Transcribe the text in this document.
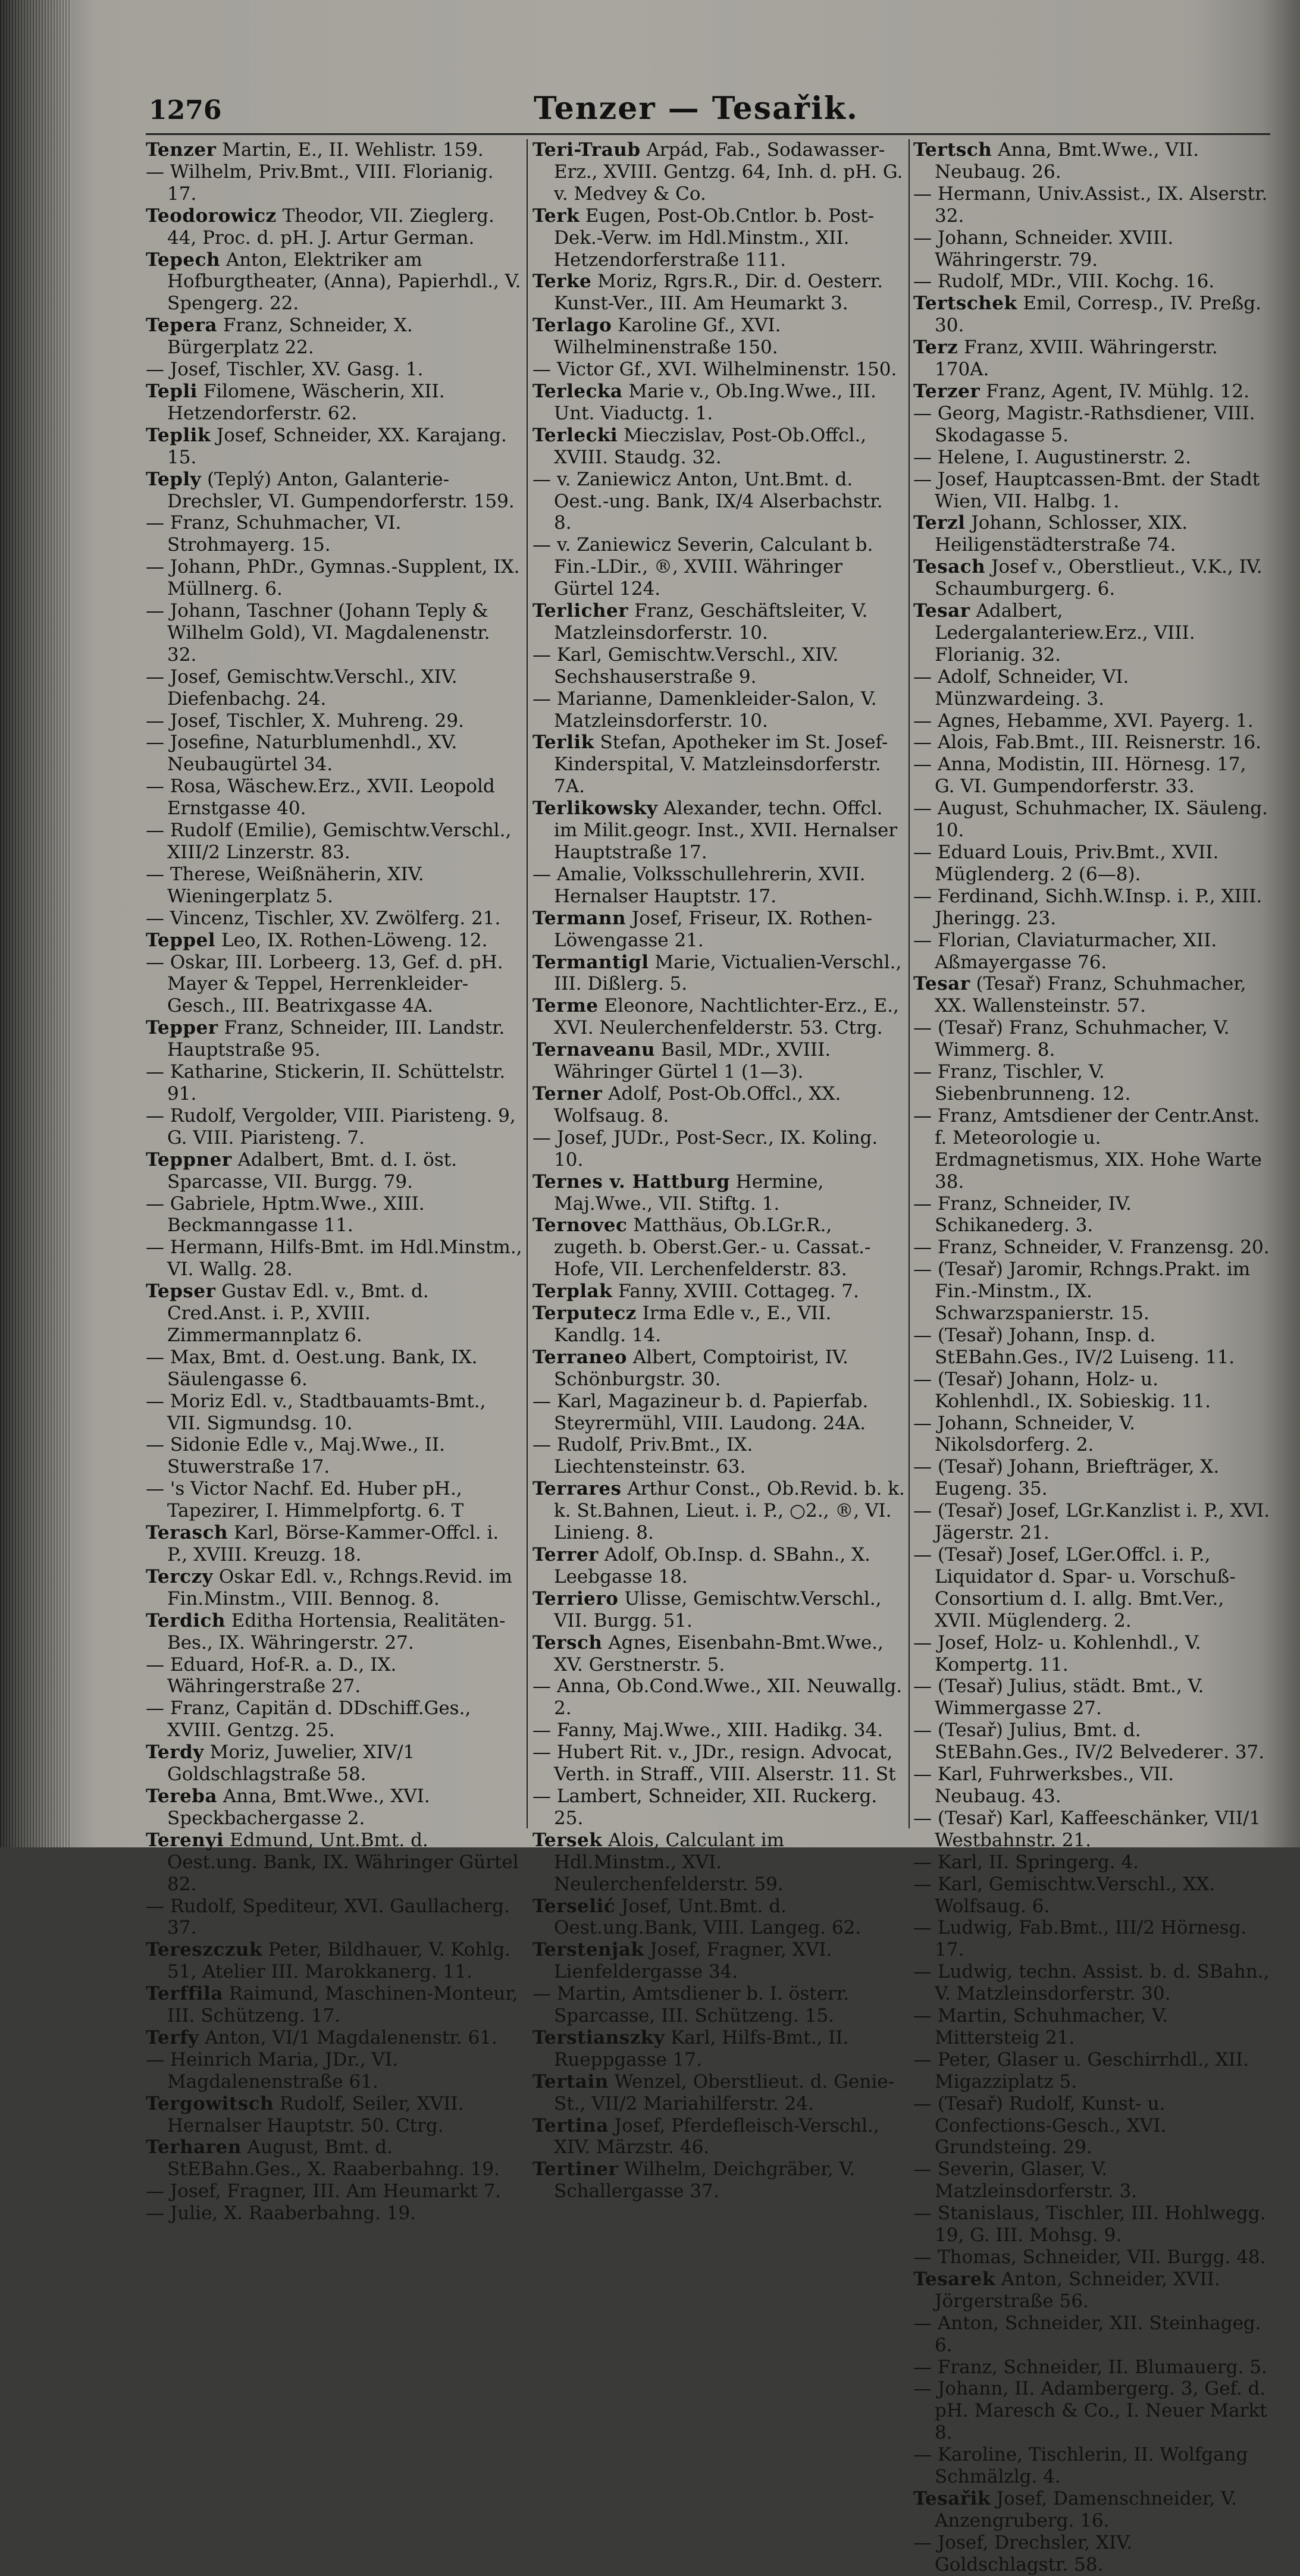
1276	Tenzer — Tesařik.

Tenzer Martin, E., II. Wehlistr. 159.

— Wilhelm, Priv.Bmt., VIII. Florianig. 17.

Teodorowicz Theodor, VII. Zieglerg. 44, Proc. d. pH. J. Artur German.

Tepech Anton, Elektriker am Hofburgtheater, (Anna), Papierhdl., V. Spengerg. 22.

Tepera Franz, Schneider, X. Bürgerplatz 22.

— Josef, Tischler, XV. Gasg. 1.

Tepli Filomene, Wäscherin, XII. Hetzendorferstr. 62.

Teplik Josef, Schneider, XX. Karajang. 15.

Teply (Teplý) Anton, Galanterie-Drechsler, VI. Gumpendorferstr. 159.

— Franz, Schuhmacher, VI. Strohmayerg. 15.

— Johann, PhDr., Gymnas.-Supplent, IX. Müllnerg. 6.

— Johann, Taschner (Johann Teply & Wilhelm Gold), VI. Magdalenenstr. 32.

— Josef, Gemischtw.Verschl., XIV. Diefenbachg. 24.

— Josef, Tischler, X. Muhreng. 29.

— Josefine, Naturblumenhdl., XV. Neubaugürtel 34.

— Rosa, Wäschew.Erz., XVII. Leopold Ernstgasse 40.

— Rudolf (Emilie), Gemischtw.Verschl., XIII/2 Linzerstr. 83.

— Therese, Weißnäherin, XIV. Wieningerplatz 5.

— Vincenz, Tischler, XV. Zwölferg. 21.

Teppel Leo, IX. Rothen-Löweng. 12.

— Oskar, III. Lorbeerg. 13, Gef. d. pH. Mayer & Teppel, Herrenkleider-Gesch., III. Beatrixgasse 4A.

Tepper Franz, Schneider, III. Landstr. Hauptstraße 95.

— Katharine, Stickerin, II. Schüttelstr. 91.

— Rudolf, Vergolder, VIII. Piaristeng. 9, G. VIII. Piaristeng. 7.

Teppner Adalbert, Bmt. d. I. öst. Sparcasse, VII. Burgg. 79.

— Gabriele, Hptm.Wwe., XIII. Beckmanngasse 11.

— Hermann, Hilfs-Bmt. im Hdl.Minstm., VI. Wallg. 28.

Tepser Gustav Edl. v., Bmt. d. Cred.Anst. i. P., XVIII. Zimmermannplatz 6.

— Max, Bmt. d. Oest.ung. Bank, IX. Säulengasse 6.

— Moriz Edl. v., Stadtbauamts-Bmt., VII. Sigmundsg. 10.

— Sidonie Edle v., Maj.Wwe., II. Stuwerstraße 17.

— 's Victor Nachf. Ed. Huber pH., Tapezirer, I. Himmelpfortg. 6. T

Terasch Karl, Börse-Kammer-Offcl. i. P., XVIII. Kreuzg. 18.

Terczy Oskar Edl. v., Rchngs.Revid. im Fin.Minstm., VIII. Bennog. 8.

Terdich Editha Hortensia, Realitäten-Bes., IX. Währingerstr. 27.

— Eduard, Hof-R. a. D., IX. Währingerstraße 27.

— Franz, Capitän d. DDschiff.Ges., XVIII. Gentzg. 25.

Terdy Moriz, Juwelier, XIV/1 Goldschlagstraße 58.

Tereba Anna, Bmt.Wwe., XVI. Speckbachergasse 2.

Terenyi Edmund, Unt.Bmt. d. Oest.ung. Bank, IX. Währinger Gürtel 82.

— Rudolf, Spediteur, XVI. Gaullacherg. 37.

Tereszczuk Peter, Bildhauer, V. Kohlg. 51, Atelier III. Marokkanerg. 11.

Terffila Raimund, Maschinen-Monteur, III. Schützeng. 17.

Terfy Anton, VI/1 Magdalenenstr. 61.

— Heinrich Maria, JDr., VI. Magdalenenstraße 61.

Tergowitsch Rudolf, Seiler, XVII. Hernalser Hauptstr. 50. Ctrg.

Terharen August, Bmt. d. StEBahn.Ges., X. Raaberbahng. 19.

— Josef, Fragner, III. Am Heumarkt 7.

— Julie, X. Raaberbahng. 19.

Teri-Traub Arpád, Fab., Sodawasser-Erz., XVIII. Gentzg. 64, Inh. d. pH. G. v. Medvey & Co.

Terk Eugen, Post-Ob.Cntlor. b. Post-Dek.-Verw. im Hdl.Minstm., XII. Hetzendorferstraße 111.

Terke Moriz, Rgrs.R., Dir. d. Oesterr. Kunst-Ver., III. Am Heumarkt 3.

Terlago Karoline Gf., XVI. Wilhelminenstraße 150.

— Victor Gf., XVI. Wilhelminenstr. 150.

Terlecka Marie v., Ob.Ing.Wwe., III. Unt. Viaductg. 1.

Terlecki Mieczislav, Post-Ob.Offcl., XVIII. Staudg. 32.

— v. Zaniewicz Anton, Unt.Bmt. d. Oest.-ung. Bank, IX/4 Alserbachstr. 8.

— v. Zaniewicz Severin, Calculant b. Fin.-LDir., ®, XVIII. Währinger Gürtel 124.

Terlicher Franz, Geschäftsleiter, V. Matzleinsdorferstr. 10.

— Karl, Gemischtw.Verschl., XIV. Sechshauserstraße 9.

— Marianne, Damenkleider-Salon, V. Matzleinsdorferstr. 10.

Terlik Stefan, Apotheker im St. Josef-Kinderspital, V. Matzleinsdorferstr. 7A.

Terlikowsky Alexander, techn. Offcl. im Milit.geogr. Inst., XVII. Hernalser Hauptstraße 17.

— Amalie, Volksschullehrerin, XVII. Hernalser Hauptstr. 17.

Termann Josef, Friseur, IX. Rothen-Löwengasse 21.

Termantigl Marie, Victualien-Verschl., III. Dißlerg. 5.

Terme Eleonore, Nachtlichter-Erz., E., XVI. Neulerchenfelderstr. 53. Ctrg.

Ternaveanu Basil, MDr., XVIII. Währinger Gürtel 1 (1—3).

Terner Adolf, Post-Ob.Offcl., XX. Wolfsaug. 8.

— Josef, JUDr., Post-Secr., IX. Koling. 10.

Ternes v. Hattburg Hermine, Maj.Wwe., VII. Stiftg. 1.

Ternovec Matthäus, Ob.LGr.R., zugeth. b. Oberst.Ger.- u. Cassat.-Hofe, VII. Lerchenfelderstr. 83.

Terplak Fanny, XVIII. Cottageg. 7.

Terputecz Irma Edle v., E., VII. Kandlg. 14.

Terraneo Albert, Comptoirist, IV. Schönburgstr. 30.

— Karl, Magazineur b. d. Papierfab. Steyrermühl, VIII. Laudong. 24A.

— Rudolf, Priv.Bmt., IX. Liechtensteinstr. 63.

Terrares Arthur Const., Ob.Revid. b. k. k. St.Bahnen, Lieut. i. P., ○2., ®, VI. Linieng. 8.

Terrer Adolf, Ob.Insp. d. SBahn., X. Leebgasse 18.

Terriero Ulisse, Gemischtw.Verschl., VII. Burgg. 51.

Tersch Agnes, Eisenbahn-Bmt.Wwe., XV. Gerstnerstr. 5.

— Anna, Ob.Cond.Wwe., XII. Neuwallg. 2.

— Fanny, Maj.Wwe., XIII. Hadikg. 34.

— Hubert Rit. v., JDr., resign. Advocat, Verth. in Straff., VIII. Alserstr. 11. St

— Lambert, Schneider, XII. Ruckerg. 25.

Tersek Alois, Calculant im Hdl.Minstm., XVI. Neulerchenfelderstr. 59.

Terselić Josef, Unt.Bmt. d. Oest.ung.Bank, VIII. Langeg. 62.

Terstenjak Josef, Fragner, XVI. Lienfeldergasse 34.

— Martin, Amtsdiener b. I. österr. Sparcasse, III. Schützeng. 15.

Terstianszky Karl, Hilfs-Bmt., II. Rueppgasse 17.

Tertain Wenzel, Oberstlieut. d. Genie-St., VII/2 Mariahilferstr. 24.

Tertina Josef, Pferdefleisch-Verschl., XIV. Märzstr. 46.

Tertiner Wilhelm, Deichgräber, V. Schallergasse 37.

Tertsch Anna, Bmt.Wwe., VII. Neubaug. 26.

— Hermann, Univ.Assist., IX. Alserstr. 32.

— Johann, Schneider. XVIII. Währingerstr. 79.

— Rudolf, MDr., VIII. Kochg. 16.

Tertschek Emil, Corresp., IV. Preßg. 30.

Terz Franz, XVIII. Währingerstr. 170A.

Terzer Franz, Agent, IV. Mühlg. 12.

— Georg, Magistr.-Rathsdiener, VIII. Skodagasse 5.

— Helene, I. Augustinerstr. 2.

— Josef, Hauptcassen-Bmt. der Stadt Wien, VII. Halbg. 1.

Terzl Johann, Schlosser, XIX. Heiligenstädterstraße 74.

Tesach Josef v., Oberstlieut., V.K., IV. Schaumburgerg. 6.

Tesar Adalbert, Ledergalanteriew.Erz., VIII. Florianig. 32.

— Adolf, Schneider, VI. Münzwardeing. 3.

— Agnes, Hebamme, XVI. Payerg. 1.

— Alois, Fab.Bmt., III. Reisnerstr. 16.

— Anna, Modistin, III. Hörnesg. 17, G. VI. Gumpendorferstr. 33.

— August, Schuhmacher, IX. Säuleng. 10.

— Eduard Louis, Priv.Bmt., XVII. Müglenderg. 2 (6—8).

— Ferdinand, Sichh.W.Insp. i. P., XIII. Jheringg. 23.

— Florian, Claviaturmacher, XII. Aßmayergasse 76.

Tesar (Tesař) Franz, Schuhmacher, XX. Wallensteinstr. 57.

— (Tesař) Franz, Schuhmacher, V. Wimmerg. 8.

— Franz, Tischler, V. Siebenbrunneng. 12.

— Franz, Amtsdiener der Centr.Anst. f. Meteorologie u. Erdmagnetismus, XIX. Hohe Warte 38.

— Franz, Schneider, IV. Schikanederg. 3.

— Franz, Schneider, V. Franzensg. 20.

— (Tesař) Jaromir, Rchngs.Prakt. im Fin.-Minstm., IX. Schwarzspanierstr. 15.

— (Tesař) Johann, Insp. d. StEBahn.Ges., IV/2 Luiseng. 11.

— (Tesař) Johann, Holz- u. Kohlenhdl., IX. Sobieskig. 11.

— Johann, Schneider, V. Nikolsdorferg. 2.

— (Tesař) Johann, Briefträger, X. Eugeng. 35.

— (Tesař) Josef, LGr.Kanzlist i. P., XVI. Jägerstr. 21.

— (Tesař) Josef, LGer.Offcl. i. P., Liquidator d. Spar- u. Vorschuß-Consortium d. I. allg. Bmt.Ver., XVII. Müglenderg. 2.

— Josef, Holz- u. Kohlenhdl., V. Kompertg. 11.

— (Tesař) Julius, städt. Bmt., V. Wimmergasse 27.

— (Tesař) Julius, Bmt. d. StEBahn.Ges., IV/2 Belvederег. 37.

— Karl, Fuhrwerksbes., VII. Neubaug. 43.

— (Tesař) Karl, Kaffeeschänker, VII/1 Westbahnstr. 21.

— Karl, II. Springerg. 4.

— Karl, Gemischtw.Verschl., XX. Wolfsaug. 6.

— Ludwig, Fab.Bmt., III/2 Hörnesg. 17.

— Ludwig, techn. Assist. b. d. SBahn., V. Matzleinsdorferstr. 30.

— Martin, Schuhmacher, V. Mittersteig 21.

— Peter, Glaser u. Geschirrhdl., XII. Migazziplatz 5.

— (Tesař) Rudolf, Kunst- u. Confections-Gesch., XVI. Grundsteing. 29.

— Severin, Glaser, V. Matzleinsdorferstr. 3.

— Stanislaus, Tischler, III. Hohlwegg. 19, G. III. Mohsg. 9.

— Thomas, Schneider, VII. Burgg. 48.

Tesarek Anton, Schneider, XVII. Jörgerstraße 56.

— Anton, Schneider, XII. Steinhageg. 6.

— Franz, Schneider, II. Blumauerg. 5.

— Johann, II. Adambergerg. 3, Gef. d. pH. Maresch & Co., I. Neuer Markt 8.

— Karoline, Tischlerin, II. Wolfgang Schmälzlg. 4.

Tesařik Josef, Damenschneider, V. Anzengruberg. 16.

— Josef, Drechsler, XIV. Goldschlagstr. 58.
